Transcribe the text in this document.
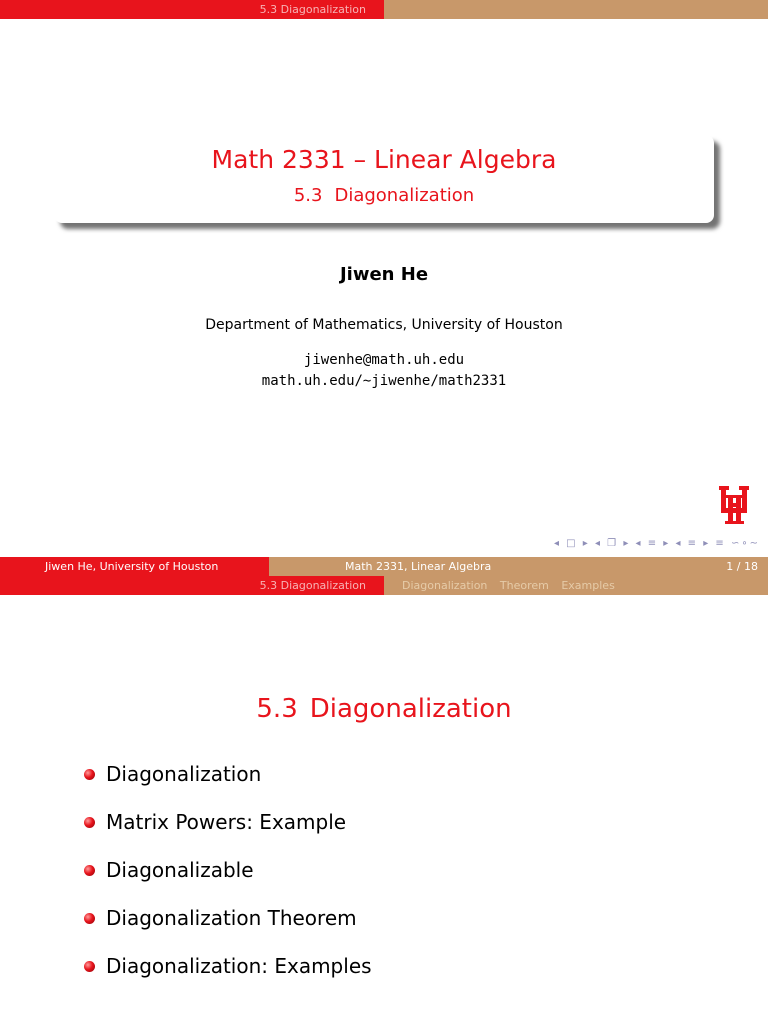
5.3 Diagonalization
Math 2331 – Linear Algebra
5.3 Diagonalization
Jiwen He
Department of Mathematics, University of Houston
jiwenhe@math.uh.edu
math.uh.edu/∼jiwenhe/math2331
◂ □ ▸ ◂ ❐ ▸ ◂ ≡ ▸ ◂ ≡ ▸ ≡ ∽∘∼
Jiwen He, University of Houston	Math 2331, Linear Algebra	1 / 18
5.3 Diagonalization	Diagonalization Theorem Examples
5.3 Diagonalization
Diagonalization
Matrix Powers: Example
Diagonalizable
Diagonalization Theorem
Diagonalization: Examples
